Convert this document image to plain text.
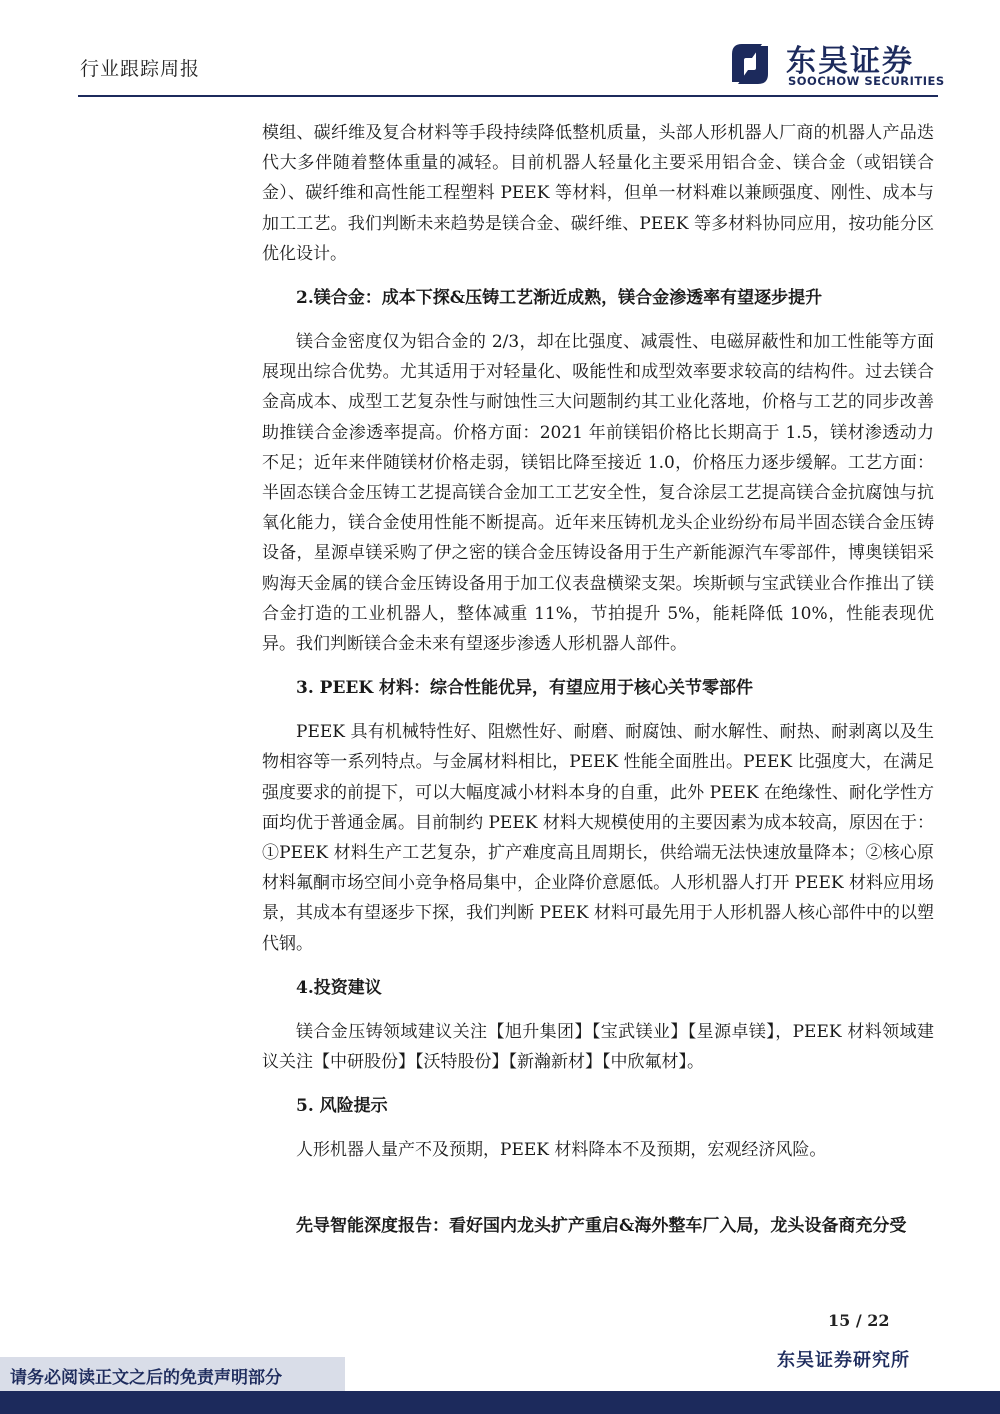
行业跟踪周报	东吴证券
SOOCHOW SECURITIES

模组、碳纤维及复合材料等手段持续降低整机质量，头部人形机器人厂商的机器人产品迭代大多伴随着整体重量的减轻。目前机器人轻量化主要采用铝合金、镁合金（或铝镁合金）、碳纤维和高性能工程塑料 PEEK 等材料，但单一材料难以兼顾强度、刚性、成本与加工工艺。我们判断未来趋势是镁合金、碳纤维、PEEK 等多材料协同应用，按功能分区优化设计。

2.镁合金：成本下探&压铸工艺渐近成熟，镁合金渗透率有望逐步提升

镁合金密度仅为铝合金的 2/3，却在比强度、减震性、电磁屏蔽性和加工性能等方面展现出综合优势。尤其适用于对轻量化、吸能性和成型效率要求较高的结构件。过去镁合金高成本、成型工艺复杂性与耐蚀性三大问题制约其工业化落地，价格与工艺的同步改善助推镁合金渗透率提高。价格方面：2021 年前镁铝价格比长期高于 1.5，镁材渗透动力不足；近年来伴随镁材价格走弱，镁铝比降至接近 1.0，价格压力逐步缓解。工艺方面：半固态镁合金压铸工艺提高镁合金加工工艺安全性，复合涂层工艺提高镁合金抗腐蚀与抗氧化能力，镁合金使用性能不断提高。近年来压铸机龙头企业纷纷布局半固态镁合金压铸设备，星源卓镁采购了伊之密的镁合金压铸设备用于生产新能源汽车零部件，博奥镁铝采购海天金属的镁合金压铸设备用于加工仪表盘横梁支架。埃斯顿与宝武镁业合作推出了镁合金打造的工业机器人，整体减重 11%，节拍提升 5%，能耗降低 10%，性能表现优异。我们判断镁合金未来有望逐步渗透人形机器人部件。

3. PEEK 材料：综合性能优异，有望应用于核心关节零部件

PEEK 具有机械特性好、阻燃性好、耐磨、耐腐蚀、耐水解性、耐热、耐剥离以及生物相容等一系列特点。与金属材料相比，PEEK 性能全面胜出。PEEK 比强度大，在满足强度要求的前提下，可以大幅度减小材料本身的自重，此外 PEEK 在绝缘性、耐化学性方面均优于普通金属。目前制约 PEEK 材料大规模使用的主要因素为成本较高，原因在于：①PEEK 材料生产工艺复杂，扩产难度高且周期长，供给端无法快速放量降本；②核心原材料氟酮市场空间小竞争格局集中，企业降价意愿低。人形机器人打开 PEEK 材料应用场景，其成本有望逐步下探，我们判断 PEEK 材料可最先用于人形机器人核心部件中的以塑代钢。

4.投资建议

镁合金压铸领域建议关注【旭升集团】【宝武镁业】【星源卓镁】，PEEK 材料领域建议关注【中研股份】【沃特股份】【新瀚新材】【中欣氟材】。

5. 风险提示

人形机器人量产不及预期，PEEK 材料降本不及预期，宏观经济风险。

先导智能深度报告：看好国内龙头扩产重启&海外整车厂入局，龙头设备商充分受
15 / 22
请务必阅读正文之后的免责声明部分
东吴证券研究所
